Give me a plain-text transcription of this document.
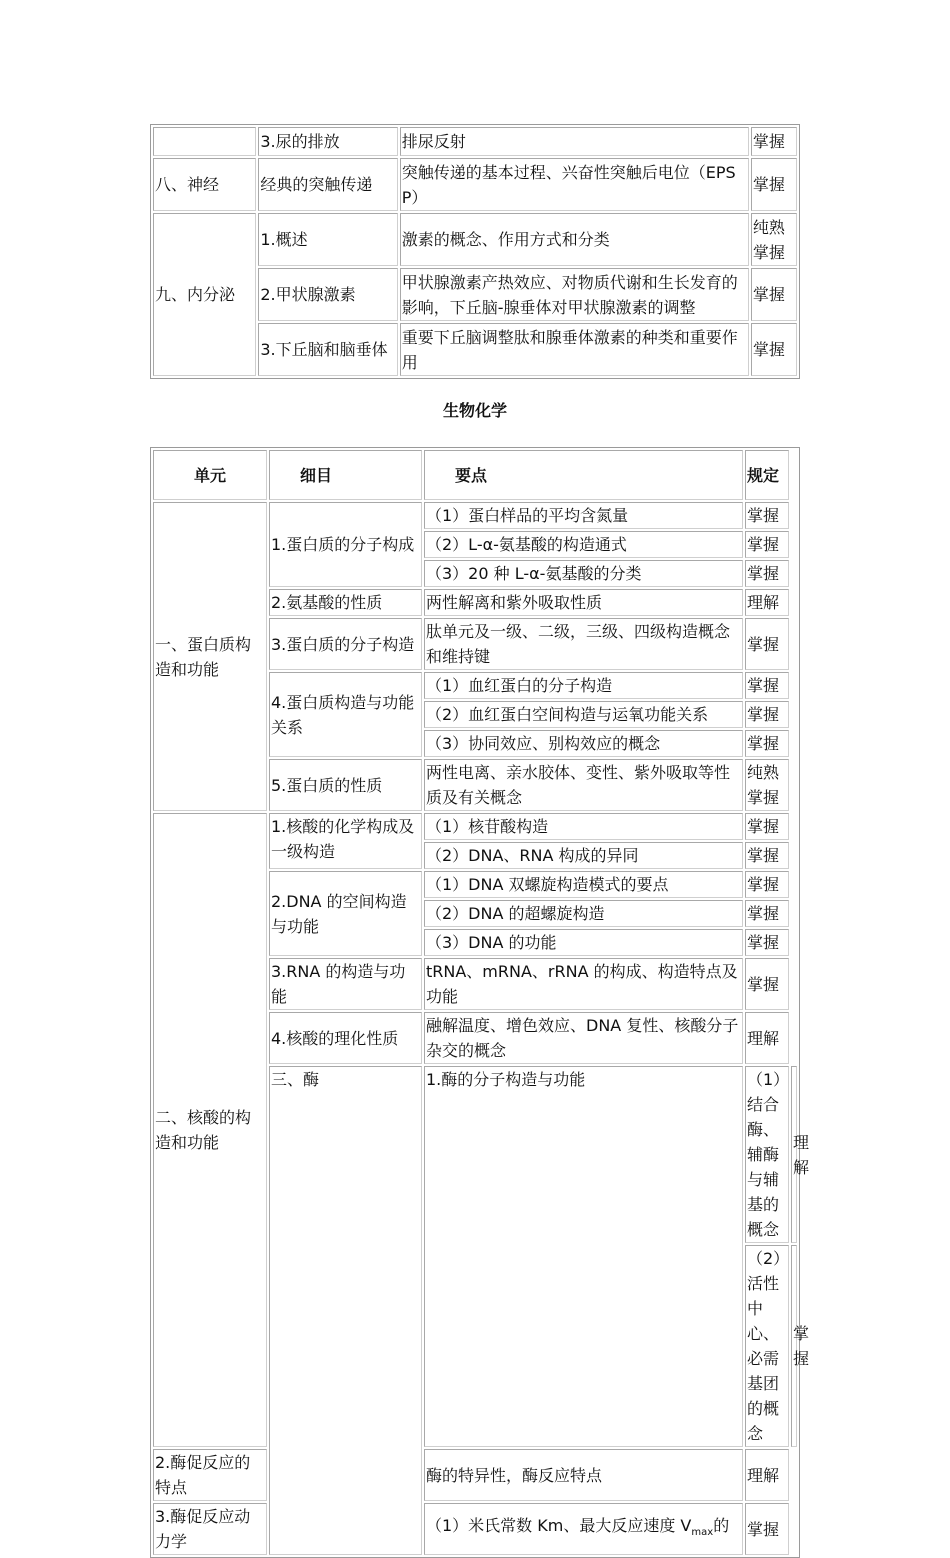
	3.尿的排放	排尿反射	掌握
八、神经	经典的突触传递	突触传递的基本过程、兴奋性突触后电位（EPSP）	掌握
九、内分泌	1.概述	激素的概念、作用方式和分类	纯熟掌握
	2.甲状腺激素	甲状腺激素产热效应、对物质代谢和生长发育的影响，下丘脑-腺垂体对甲状腺激素的调整	掌握
	3.下丘脑和脑垂体	重要下丘脑调整肽和腺垂体激素的种类和重要作用	掌握
生物化学
单元	细目	要点	规定	
一、蛋白质构造和功能	1.蛋白质的分子构成	（1）蛋白样品的平均含氮量	掌握	
		（2）L-α-氨基酸的构造通式	掌握	
		（3）20 种 L-α-氨基酸的分类	掌握	
	2.氨基酸的性质	两性解离和紫外吸取性质	理解	
	3.蛋白质的分子构造	肽单元及一级、二级，三级、四级构造概念和维持键	掌握	
	4.蛋白质构造与功能关系	（1）血红蛋白的分子构造	掌握	
		（2）血红蛋白空间构造与运氧功能关系	掌握	
		（3）协同效应、别构效应的概念	掌握	
	5.蛋白质的性质	两性电离、亲水胶体、变性、紫外吸取等性质及有关概念	纯熟掌握	
二、核酸的构造和功能	1.核酸的化学构成及一级构造	（1）核苷酸构造	掌握	
		（2）DNA、RNA 构成的异同	掌握	
	2.DNA 的空间构造与功能	（1）DNA 双螺旋构造模式的要点	掌握	
		（2）DNA 的超螺旋构造	掌握	
		（3）DNA 的功能	掌握	
	3.RNA 的构造与功能	tRNA、mRNA、rRNA 的构成、构造特点及功能	掌握	
	4.核酸的理化性质	融解温度、增色效应、DNA 复性、核酸分子杂交的概念	理解	
	三、酶	1.酶的分子构造与功能	（1）结合酶、辅酶与辅基的概念	理解
			（2）活性中心、必需基团的概念	掌握
2.酶促反应的特点		酶的特异性，酶反应特点	理解	
3.酶促反应动力学		（1）米氏常数 Km、最大反应速度 $V_{max}$的	掌握	
